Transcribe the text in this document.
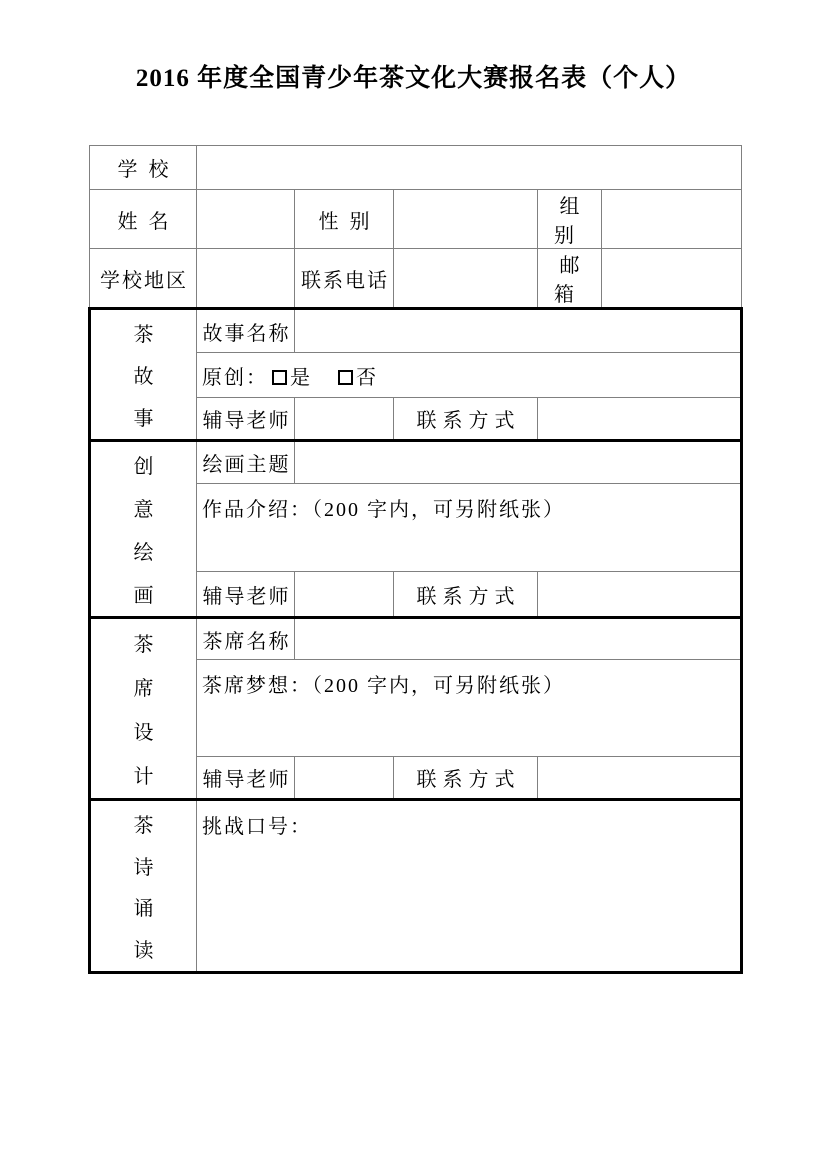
2016 年度全国青少年茶文化大赛报名表（个人）
学校					
姓名		性别		组别	
学校地区		联系电话		邮箱	

茶
故
事	故事名称				
	原创： 是 否				
	辅导老师		联系方式		

创
意
绘
画	绘画主题				
	作品介绍：（200 字内，可另附纸张）				
	辅导老师		联系方式		

茶
席
设
计	茶席名称				
	茶席梦想：（200 字内，可另附纸张）				
	辅导老师		联系方式		

茶
诗
诵
读	挑战口号：				
